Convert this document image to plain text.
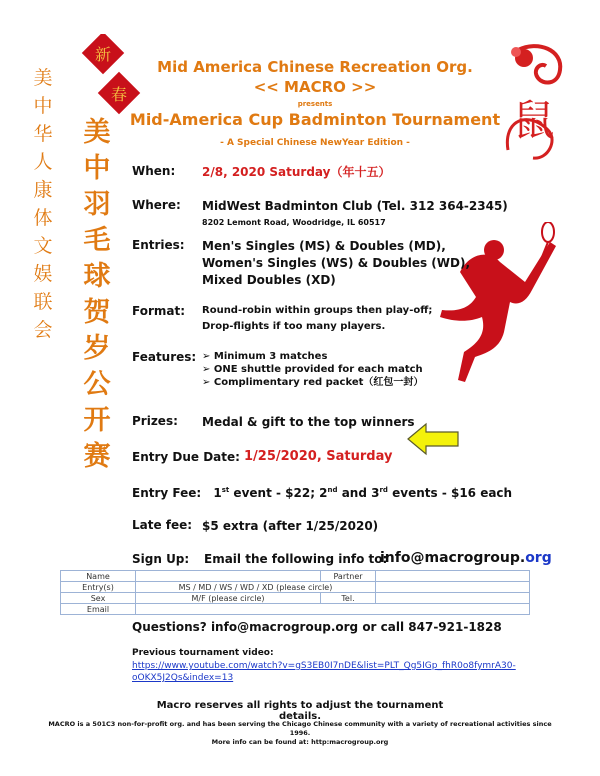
新
春
鼠
Mid America Chinese Recreation Org.
<< MACRO >>
presents
Mid-America Cup Badminton Tournament
- A Special Chinese NewYear Edition -
美中华人康体文娱联会
美中羽毛球贺岁公开赛
When: 2/8, 2020 Saturday（年十五）
Where: MidWest Badminton Club (Tel. 312 364-2345)
8202 Lemont Road, Woodridge, IL 60517
Entries: Men's Singles (MS) & Doubles (MD),
Women's Singles (WS) & Doubles (WD),
Mixed Doubles (XD)
Format: Round-robin within groups then play-off;
Drop-flights if too many players.
Features: ➢ Minimum 3 matches
➢ ONE shuttle provided for each match
➢ Complimentary red packet（红包一封）
Prizes: Medal & gift to the top winners
Entry Due Date: 1/25/2020, Saturday
Entry Fee: 1st event - $22; 2nd and 3rd events - $16 each
Late fee: $5 extra (after 1/25/2020)
Sign Up: Email the following info to:
info@macrogroup.org
Name		Partner	
Entry(s)	MS / MD / WS / WD / XD (please circle)		
Sex	M/F (please circle)	Tel.	
Email			
Questions? info@macrogroup.org or call 847-921-1828
Previous tournament video:
https://www.youtube.com/watch?v=gS3EB0I7nDE&list=PLT_Qg5IGp_fhR0o8fymrA30-
oOKX5J2Qs&index=13
Macro reserves all rights to adjust the tournament details.
MACRO is a 501C3 non-for-profit org. and has been serving the Chicago Chinese community with a variety of recreational activities since 1996.
More info can be found at: http:macrogroup.org
